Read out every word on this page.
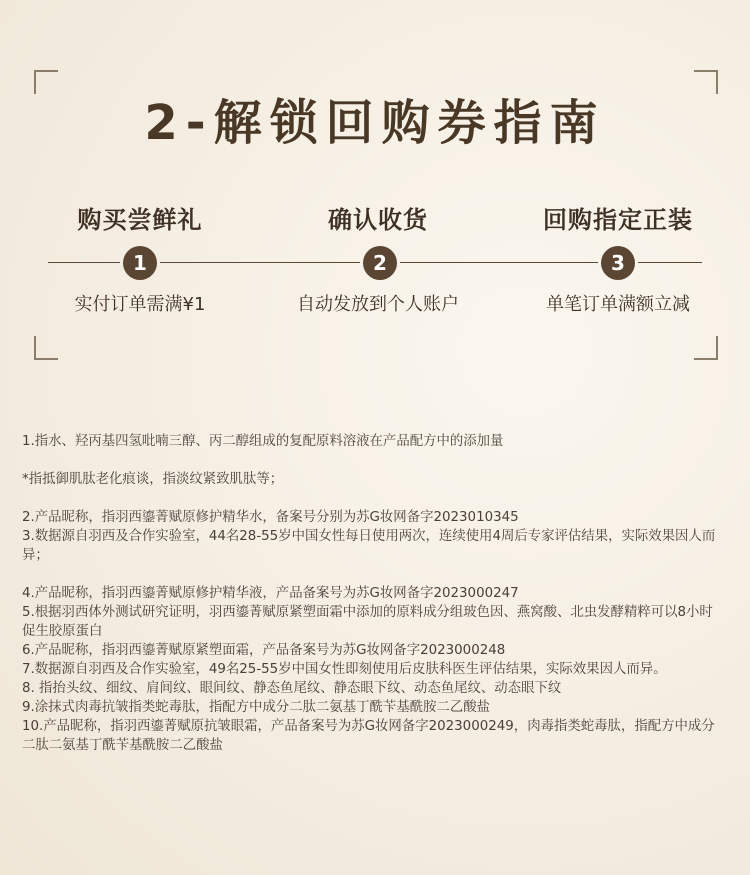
2-解锁回购券指南
购买尝鲜礼	确认收货	回购指定正装
1	2	3
实付订单需满¥1	自动发放到个人账户	单笔订单满额立减

1.指水、羟丙基四氢吡喃三醇、丙二醇组成的复配原料溶液在产品配方中的添加量

*指抵御肌肽老化痕谈，指淡纹紧致肌肽等；

2.产品昵称，指羽西鎏菁赋原修护精华水，备案号分别为苏G妆网备字2023010345

3.数据源自羽西及合作实验室，44名28-55岁中国女性每日使用两次，连续使用4周后专家评估结果，实际效果因人而异；

4.产品昵称，指羽西鎏菁赋原修护精华液，产品备案号为苏G妆网备字2023000247

5.根据羽西体外测试研究证明，羽西鎏菁赋原紧塑面霜中添加的原料成分组玻色因、燕窝酸、北虫发酵精粹可以8小时促生胶原蛋白

6.产品昵称，指羽西鎏菁赋原紧塑面霜，产品备案号为苏G妆网备字2023000248

7.数据源自羽西及合作实验室，49名25-55岁中国女性即刻使用后皮肤科医生评估结果，实际效果因人而异。

8. 指抬头纹、细纹、肩间纹、眼间纹、静态鱼尾纹、静态眼下纹、动态鱼尾纹、动态眼下纹

9.涂抹式肉毒抗皱指类蛇毒肽，指配方中成分二肽二氨基丁酰苄基酰胺二乙酸盐

10.产品昵称，指羽西鎏菁赋原抗皱眼霜，产品备案号为苏G妆网备字2023000249，肉毒指类蛇毒肽，指配方中成分二肽二氨基丁酰苄基酰胺二乙酸盐
